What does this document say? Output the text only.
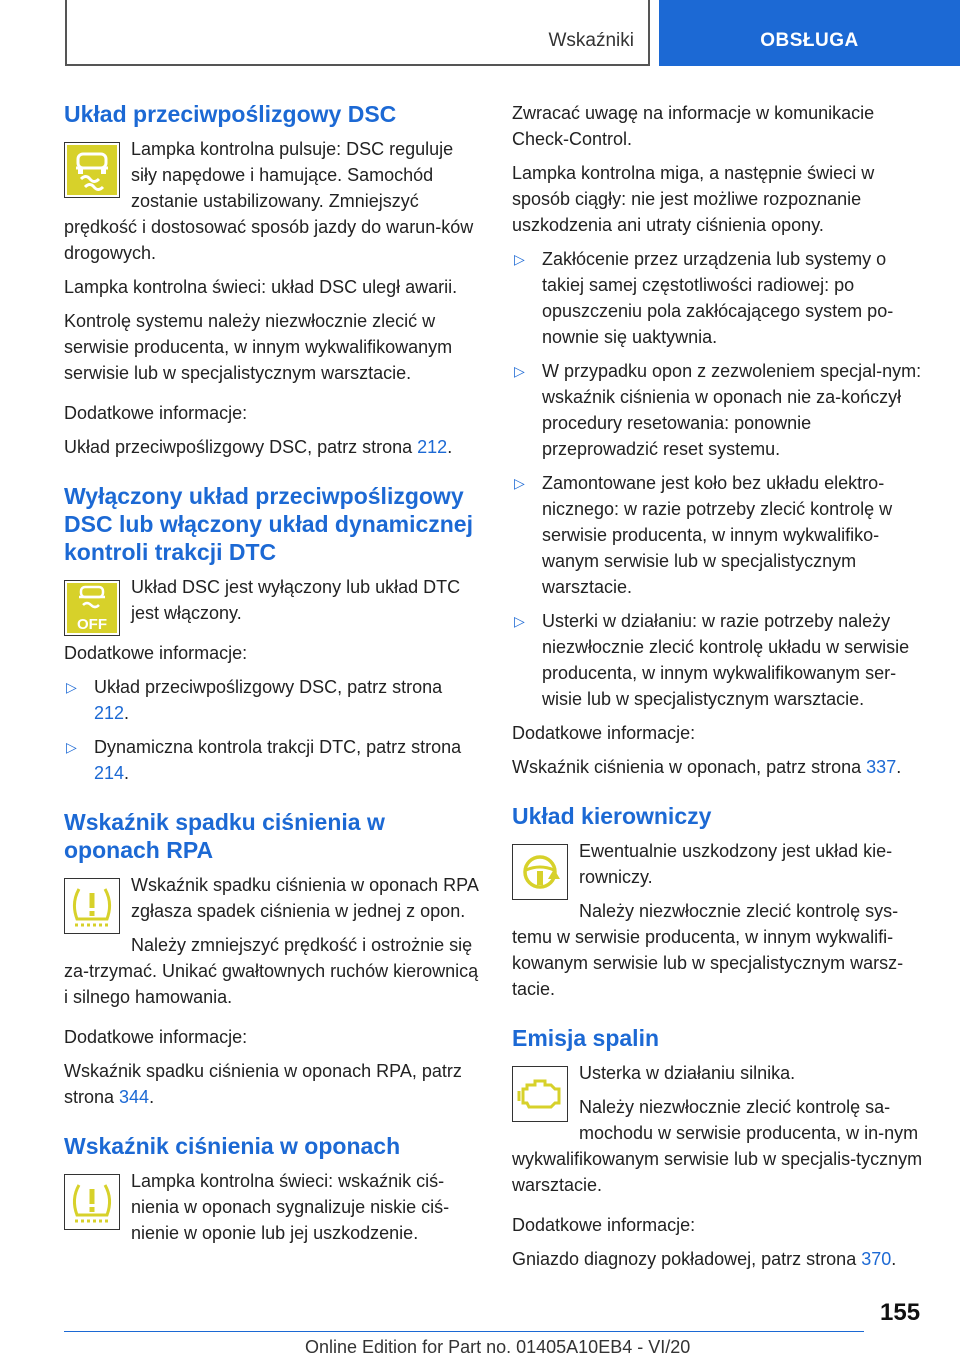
Wskaźniki	OBSŁUGA
Układ przeciwpoślizgowy DSC

Lampka kontrolna pulsuje: DSC reguluje siły napędowe i hamujące. Samochód zostanie ustabilizowany. Zmniejszyć prędkość i dostosować sposób jazdy do warun-ków drogowych.

Lampka kontrolna świeci: układ DSC uległ awarii.

Kontrolę systemu należy niezwłocznie zlecić w serwisie producenta, w innym wykwalifikowanym serwisie lub w specjalistycznym warsztacie.

Dodatkowe informacje:

Układ przeciwpoślizgowy DSC, patrz strona 212.

Wyłączony układ przeciwpoślizgowy DSC lub włączony układ dynamicznej kontroli trakcji DTC
OFF

Układ DSC jest wyłączony lub układ DTC jest włączony.

Dodatkowe informacje:

▷ Układ przeciwpoślizgowy DSC, patrz strona 212.
▷ Dynamiczna kontrola trakcji DTC, patrz strona 214.
Wskaźnik spadku ciśnienia w oponach RPA

Wskaźnik spadku ciśnienia w oponach RPA zgłasza spadek ciśnienia w jednej z opon.

Należy zmniejszyć prędkość i ostrożnie się za-trzymać. Unikać gwałtownych ruchów kierownicą i silnego hamowania.

Dodatkowe informacje:

Wskaźnik spadku ciśnienia w oponach RPA, patrz strona 344.

Wskaźnik ciśnienia w oponach

Lampka kontrolna świeci: wskaźnik ciś-nienia w oponach sygnalizuje niskie ciś-nienie w oponie lub jej uszkodzenie.

Zwracać uwagę na informacje w komunikacie Check-Control.

Lampka kontrolna miga, a następnie świeci w sposób ciągły: nie jest możliwe rozpoznanie uszkodzenia ani utraty ciśnienia opony.

▷ Zakłócenie przez urządzenia lub systemy o takiej samej częstotliwości radiowej: po opuszczeniu pola zakłócającego system po-nownie się uaktywnia.
▷ W przypadku opon z zezwoleniem specjal-nym: wskaźnik ciśnienia w oponach nie za-kończył procedury resetowania: ponownie przeprowadzić reset systemu.
▷ Zamontowane jest koło bez układu elektro-nicznego: w razie potrzeby zlecić kontrolę w serwisie producenta, w innym wykwalifiko-wanym serwisie lub w specjalistycznym warsztacie.
▷ Usterki w działaniu: w razie potrzeby należy niezwłocznie zlecić kontrolę układu w serwisie producenta, w innym wykwalifikowanym ser-wisie lub w specjalistycznym warsztacie.

Dodatkowe informacje:

Wskaźnik ciśnienia w oponach, patrz strona 337.

Układ kierowniczy

Ewentualnie uszkodzony jest układ kie-rowniczy.

Należy niezwłocznie zlecić kontrolę sys-temu w serwisie producenta, w innym wykwalifi-kowanym serwisie lub w specjalistycznym warsz-tacie.

Emisja spalin

Usterka w działaniu silnika.

Należy niezwłocznie zlecić kontrolę sa-mochodu w serwisie producenta, w in-nym wykwalifikowanym serwisie lub w specjalis-tycznym warsztacie.

Dodatkowe informacje:

Gniazdo diagnozy pokładowej, patrz strona 370.

155
Online Edition for Part no. 01405A10EB4 - VI/20
